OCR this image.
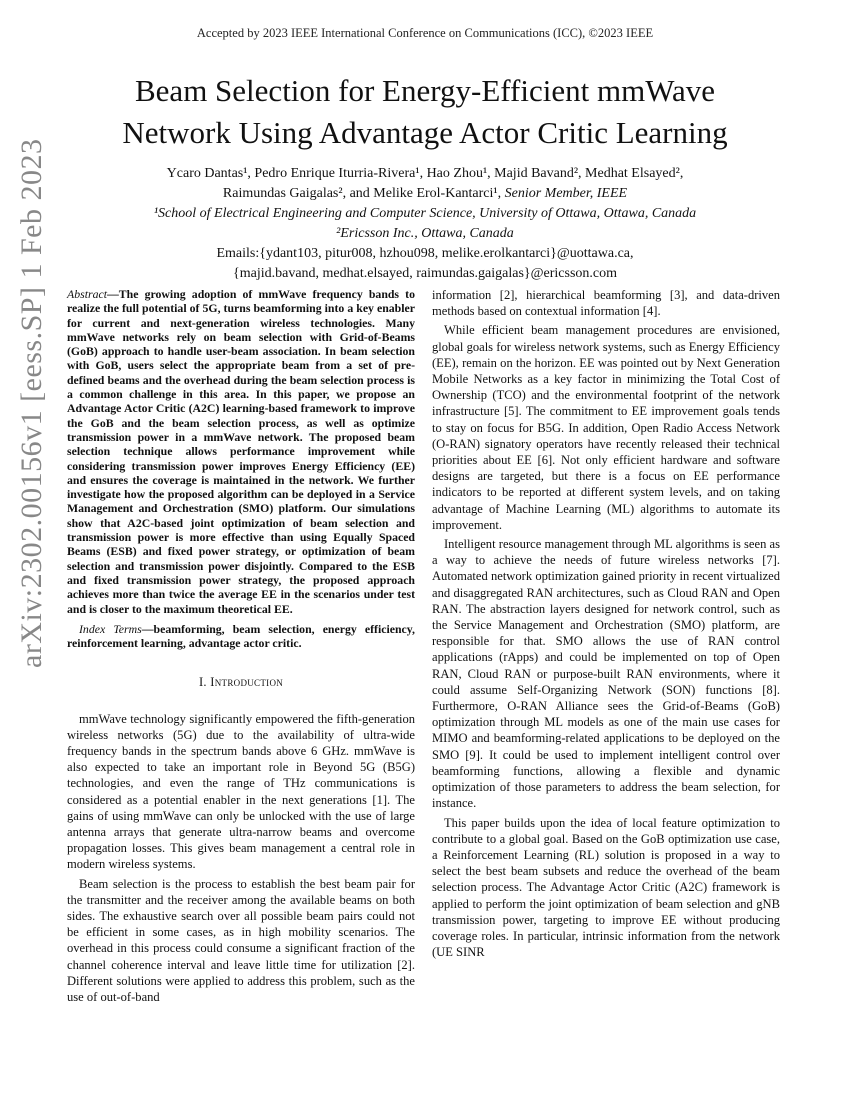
Accepted by 2023 IEEE International Conference on Communications (ICC), ©2023 IEEE
arXiv:2302.00156v1 [eess.SP] 1 Feb 2023
Beam Selection for Energy-Efficient mmWave
Network Using Advantage Actor Critic Learning
Ycaro Dantas¹, Pedro Enrique Iturria-Rivera¹, Hao Zhou¹, Majid Bavand², Medhat Elsayed²,
Raimundas Gaigalas², and Melike Erol-Kantarci¹, Senior Member, IEEE
¹School of Electrical Engineering and Computer Science, University of Ottawa, Ottawa, Canada
²Ericsson Inc., Ottawa, Canada
Emails:{ydant103, pitur008, hzhou098, melike.erolkantarci}@uottawa.ca,
{majid.bavand, medhat.elsayed, raimundas.gaigalas}@ericsson.com

Abstract—The growing adoption of mmWave frequency bands to realize the full potential of 5G, turns beamforming into a key enabler for current and next-generation wireless technologies. Many mmWave networks rely on beam selection with Grid-of-Beams (GoB) approach to handle user-beam association. In beam selection with GoB, users select the appropriate beam from a set of pre-defined beams and the overhead during the beam selection process is a common challenge in this area. In this paper, we propose an Advantage Actor Critic (A2C) learning-based framework to improve the GoB and the beam selection process, as well as optimize transmission power in a mmWave network. The proposed beam selection technique allows performance improvement while considering transmission power improves Energy Efficiency (EE) and ensures the coverage is maintained in the network. We further investigate how the proposed algorithm can be deployed in a Service Management and Orchestration (SMO) platform. Our simulations show that A2C-based joint optimization of beam selection and transmission power is more effective than using Equally Spaced Beams (ESB) and fixed power strategy, or optimization of beam selection and transmission power disjointly. Compared to the ESB and fixed transmission power strategy, the proposed approach achieves more than twice the average EE in the scenarios under test and is closer to the maximum theoretical EE.

Index Terms—beamforming, beam selection, energy efficiency, reinforcement learning, advantage actor critic.

I. Introduction

mmWave technology significantly empowered the fifth-generation wireless networks (5G) due to the availability of ultra-wide frequency bands in the spectrum bands above 6 GHz. mmWave is also expected to take an important role in Beyond 5G (B5G) technologies, and even the range of THz communications is considered as a potential enabler in the next generations [1]. The gains of using mmWave can only be unlocked with the use of large antenna arrays that generate ultra-narrow beams and overcome propagation losses. This gives beam management a central role in modern wireless systems.

Beam selection is the process to establish the best beam pair for the transmitter and the receiver among the available beams on both sides. The exhaustive search over all possible beam pairs could not be efficient in some cases, as in high mobility scenarios. The overhead in this process could consume a significant fraction of the channel coherence interval and leave little time for utilization [2]. Different solutions were applied to address this problem, such as the use of out-of-band

information [2], hierarchical beamforming [3], and data-driven methods based on contextual information [4].

While efficient beam management procedures are envisioned, global goals for wireless network systems, such as Energy Efficiency (EE), remain on the horizon. EE was pointed out by Next Generation Mobile Networks as a key factor in minimizing the Total Cost of Ownership (TCO) and the environmental footprint of the network infrastructure [5]. The commitment to EE improvement goals tends to stay on focus for B5G. In addition, Open Radio Access Network (O-RAN) signatory operators have recently released their technical priorities about EE [6]. Not only efficient hardware and software designs are targeted, but there is a focus on EE performance indicators to be reported at different system levels, and on taking advantage of Machine Learning (ML) algorithms to automate its improvement.

Intelligent resource management through ML algorithms is seen as a way to achieve the needs of future wireless networks [7]. Automated network optimization gained priority in recent virtualized and disaggregated RAN architectures, such as Cloud RAN and Open RAN. The abstraction layers designed for network control, such as the Service Management and Orchestration (SMO) platform, are responsible for that. SMO allows the use of RAN control applications (rApps) and could be implemented on top of Open RAN, Cloud RAN or purpose-built RAN environments, where it could assume Self-Organizing Network (SON) functions [8]. Furthermore, O-RAN Alliance sees the Grid-of-Beams (GoB) optimization through ML models as one of the main use cases for MIMO and beamforming-related applications to be deployed on the SMO [9]. It could be used to implement intelligent control over beamforming functions, allowing a flexible and dynamic optimization of those parameters to address the beam selection, for instance.

This paper builds upon the idea of local feature optimization to contribute to a global goal. Based on the GoB optimization use case, a Reinforcement Learning (RL) solution is proposed in a way to select the best beam subsets and reduce the overhead of the beam selection process. The Advantage Actor Critic (A2C) framework is applied to perform the joint optimization of beam selection and gNB transmission power, targeting to improve EE without producing coverage roles. In particular, intrinsic information from the network (UE SINR
